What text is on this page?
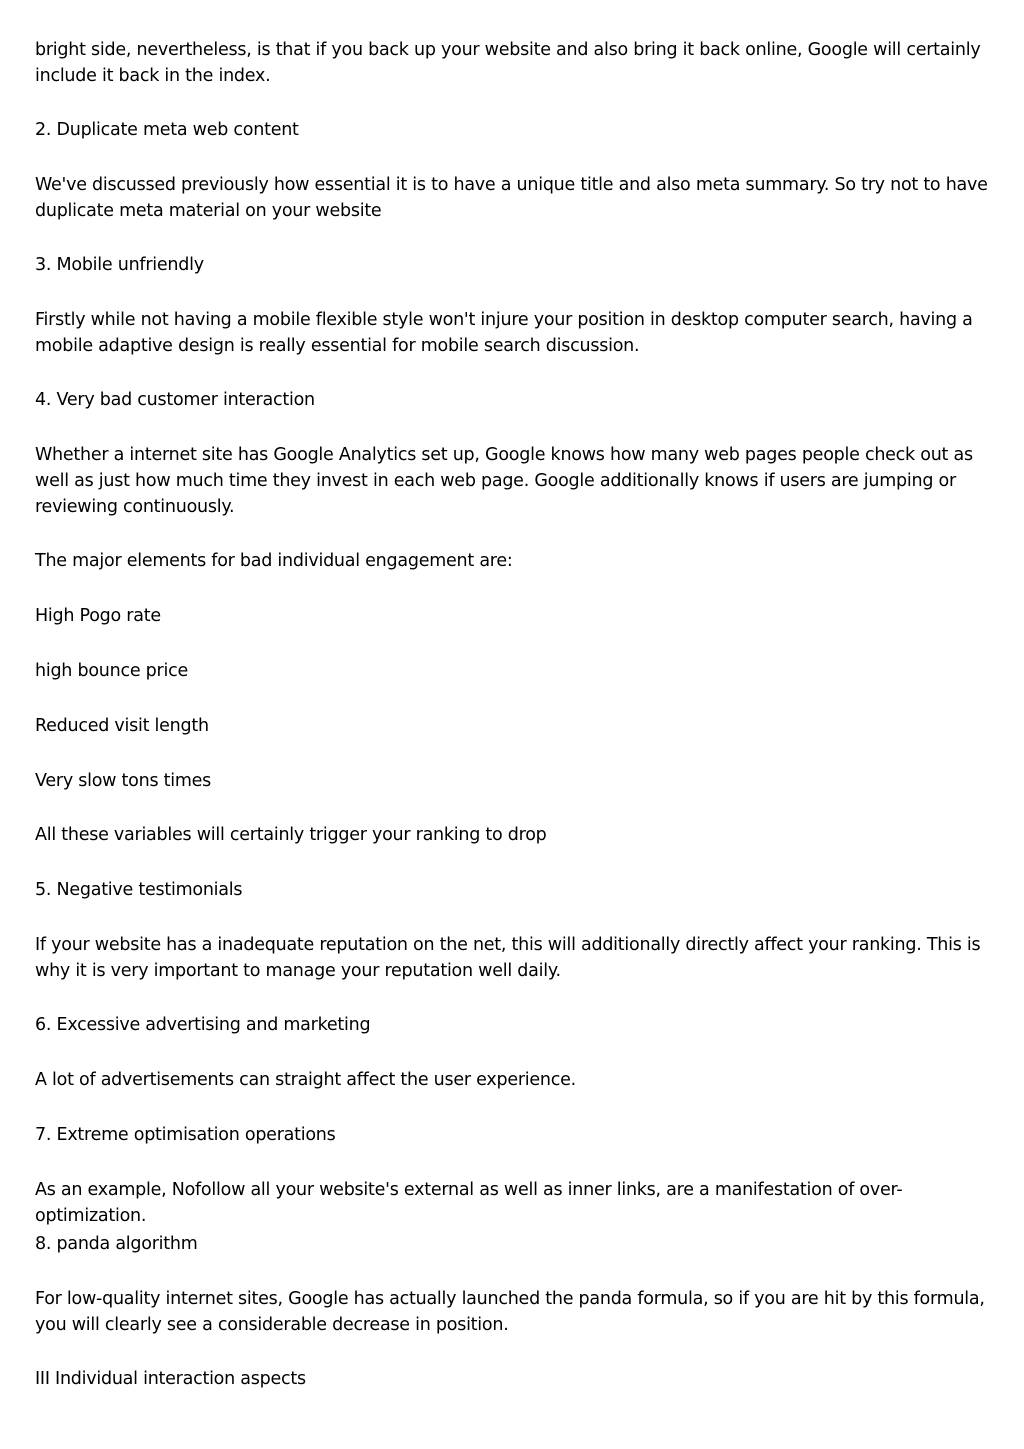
bright side, nevertheless, is that if you back up your website and also bring it back online, Google will certainly include it back in the index.

2. Duplicate meta web content

We've discussed previously how essential it is to have a unique title and also meta summary. So try not to have duplicate meta material on your website

3. Mobile unfriendly

Firstly while not having a mobile flexible style won't injure your position in desktop computer search, having a mobile adaptive design is really essential for mobile search discussion.

4. Very bad customer interaction

Whether a internet site has Google Analytics set up, Google knows how many web pages people check out as well as just how much time they invest in each web page. Google additionally knows if users are jumping or reviewing continuously.

The major elements for bad individual engagement are:

High Pogo rate

high bounce price

Reduced visit length

Very slow tons times

All these variables will certainly trigger your ranking to drop

5. Negative testimonials

If your website has a inadequate reputation on the net, this will additionally directly affect your ranking. This is why it is very important to manage your reputation well daily.

6. Excessive advertising and marketing

A lot of advertisements can straight affect the user experience.

7. Extreme optimisation operations

As an example, Nofollow all your website's external as well as inner links, are a manifestation of over-optimization.

8. panda algorithm

For low-quality internet sites, Google has actually launched the panda formula, so if you are hit by this formula, you will clearly see a considerable decrease in position.

III Individual interaction aspects
